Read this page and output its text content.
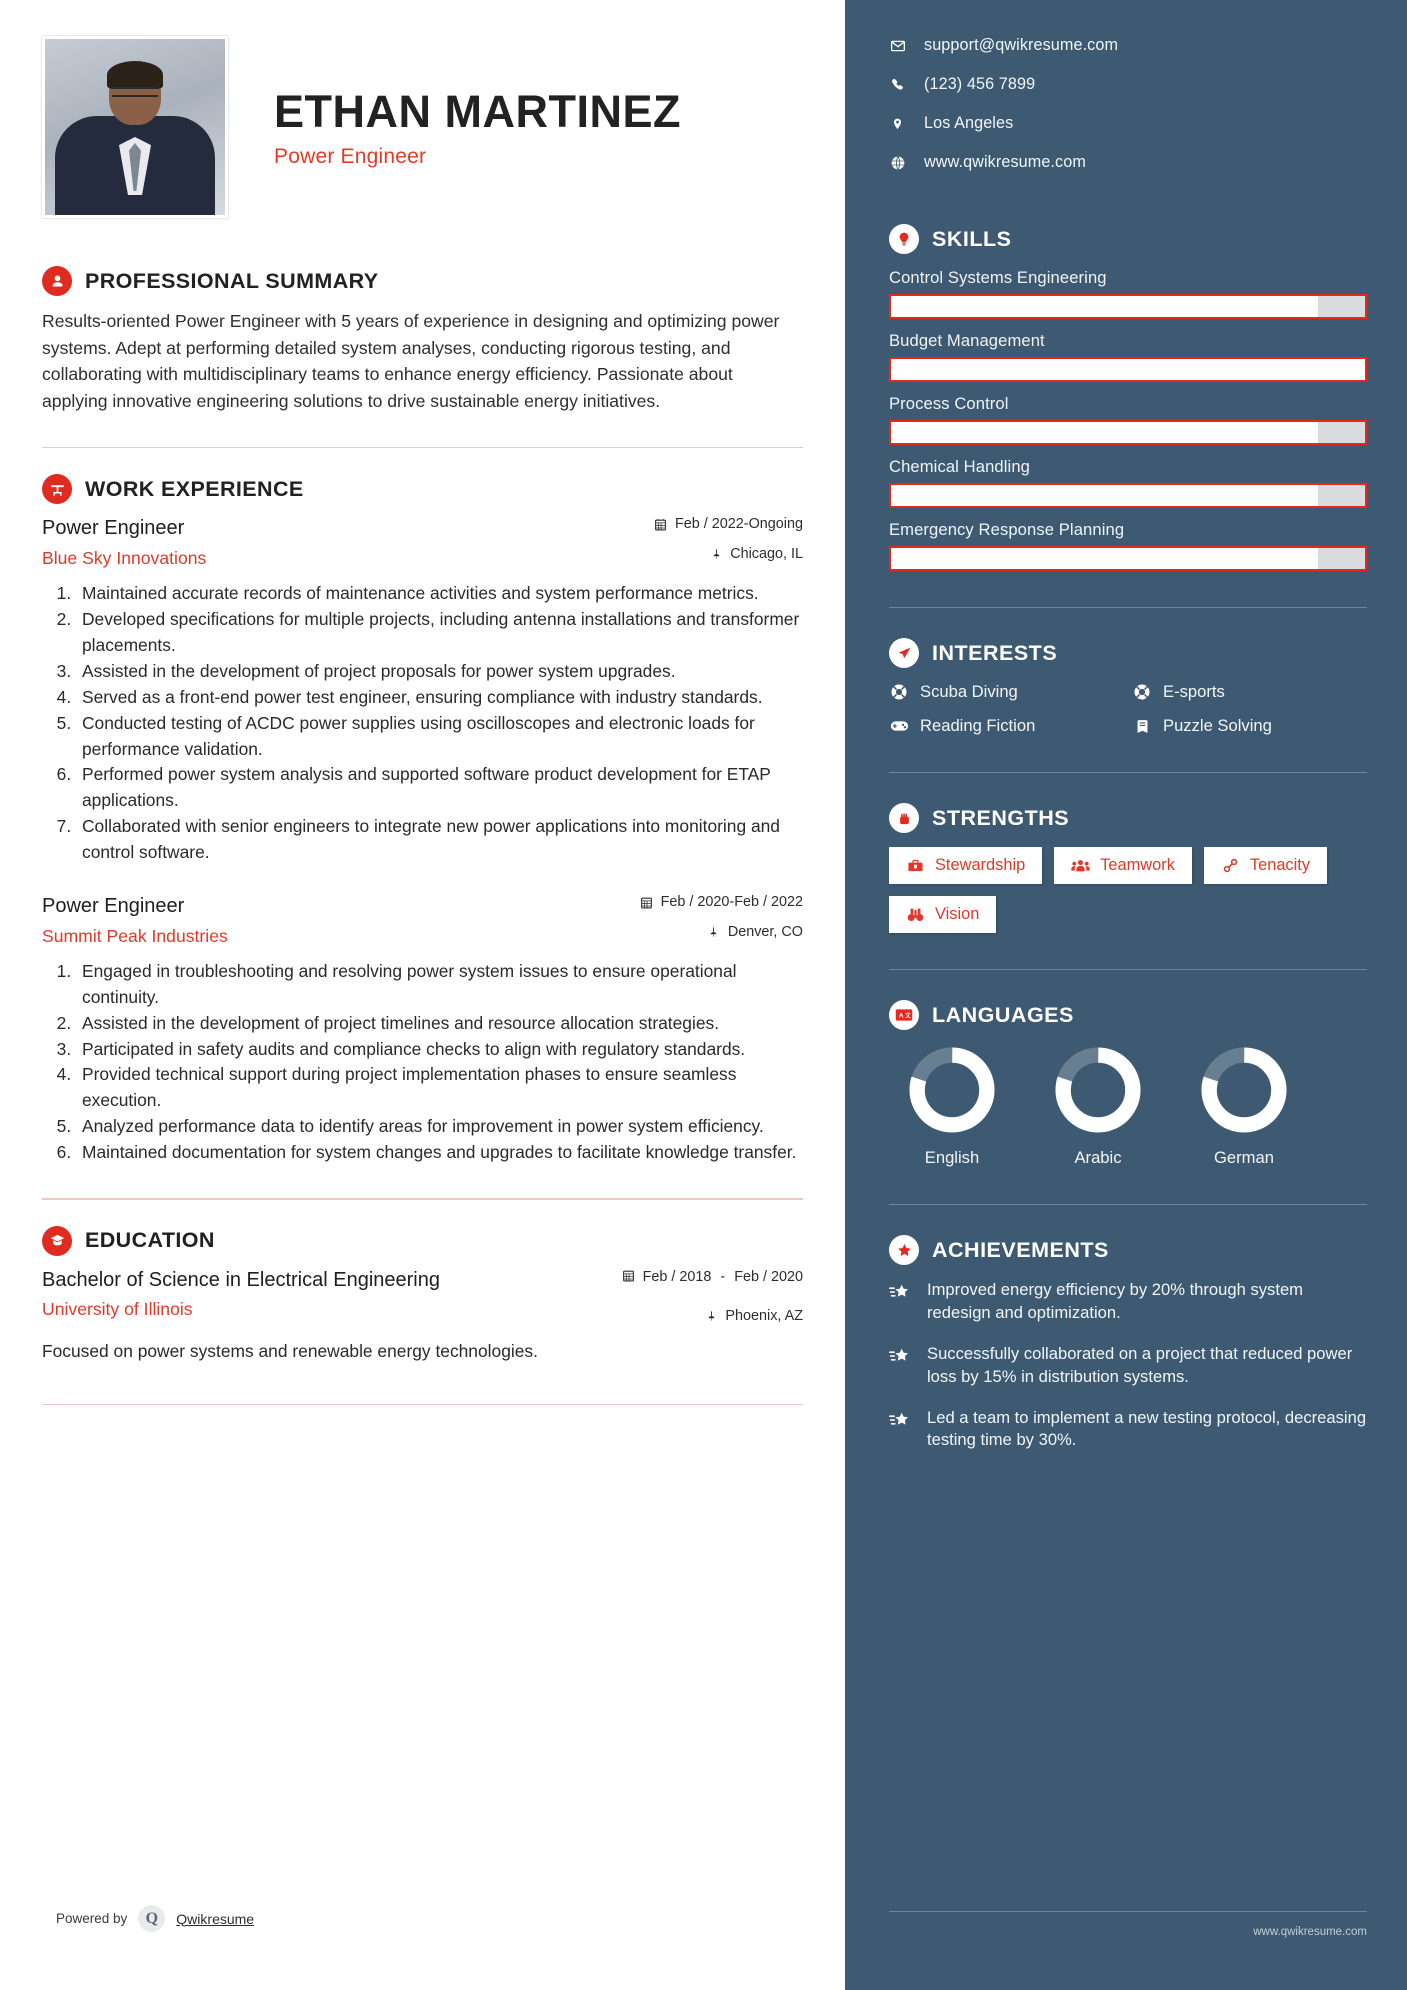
ETHAN MARTINEZ
Power Engineer
PROFESSIONAL SUMMARY

Results-oriented Power Engineer with 5 years of experience in designing and optimizing power systems. Adept at performing detailed system analyses, conducting rigorous testing, and collaborating with multidisciplinary teams to enhance energy efficiency. Passionate about applying innovative engineering solutions to drive sustainable energy initiatives.

WORK EXPERIENCE
Power Engineer
Blue Sky Innovations
Feb / 2022-Ongoing
Chicago, IL
1. Maintained accurate records of maintenance activities and system performance metrics.
2. Developed specifications for multiple projects, including antenna installations and transformer placements.
3. Assisted in the development of project proposals for power system upgrades.
4. Served as a front-end power test engineer, ensuring compliance with industry standards.
5. Conducted testing of ACDC power supplies using oscilloscopes and electronic loads for performance validation.
6. Performed power system analysis and supported software product development for ETAP applications.
7. Collaborated with senior engineers to integrate new power applications into monitoring and control software.
Power Engineer
Summit Peak Industries
Feb / 2020-Feb / 2022
Denver, CO
1. Engaged in troubleshooting and resolving power system issues to ensure operational continuity.
2. Assisted in the development of project timelines and resource allocation strategies.
3. Participated in safety audits and compliance checks to align with regulatory standards.
4. Provided technical support during project implementation phases to ensure seamless execution.
5. Analyzed performance data to identify areas for improvement in power system efficiency.
6. Maintained documentation for system changes and upgrades to facilitate knowledge transfer.
EDUCATION
Bachelor of Science in Electrical Engineering
University of Illinois
Feb / 2018 - Feb / 2020
Phoenix, AZ
Focused on power systems and renewable energy technologies.
Powered by Q Qwikresume
support@qwikresume.com
(123) 456 7899
Los Angeles
www.qwikresume.com
SKILLS
Control Systems Engineering
Budget Management
Process Control
Chemical Handling
Emergency Response Planning
INTERESTS
Scuba Diving	E-sports
Reading Fiction	Puzzle Solving
STRENGTHS
Stewardship	Teamwork	Tenacity
Vision
A 文 LANGUAGES
English	Arabic	German
ACHIEVEMENTS
Improved energy efficiency by 20% through system redesign and optimization.
Successfully collaborated on a project that reduced power loss by 15% in distribution systems.
Led a team to implement a new testing protocol, decreasing testing time by 30%.
www.qwikresume.com
